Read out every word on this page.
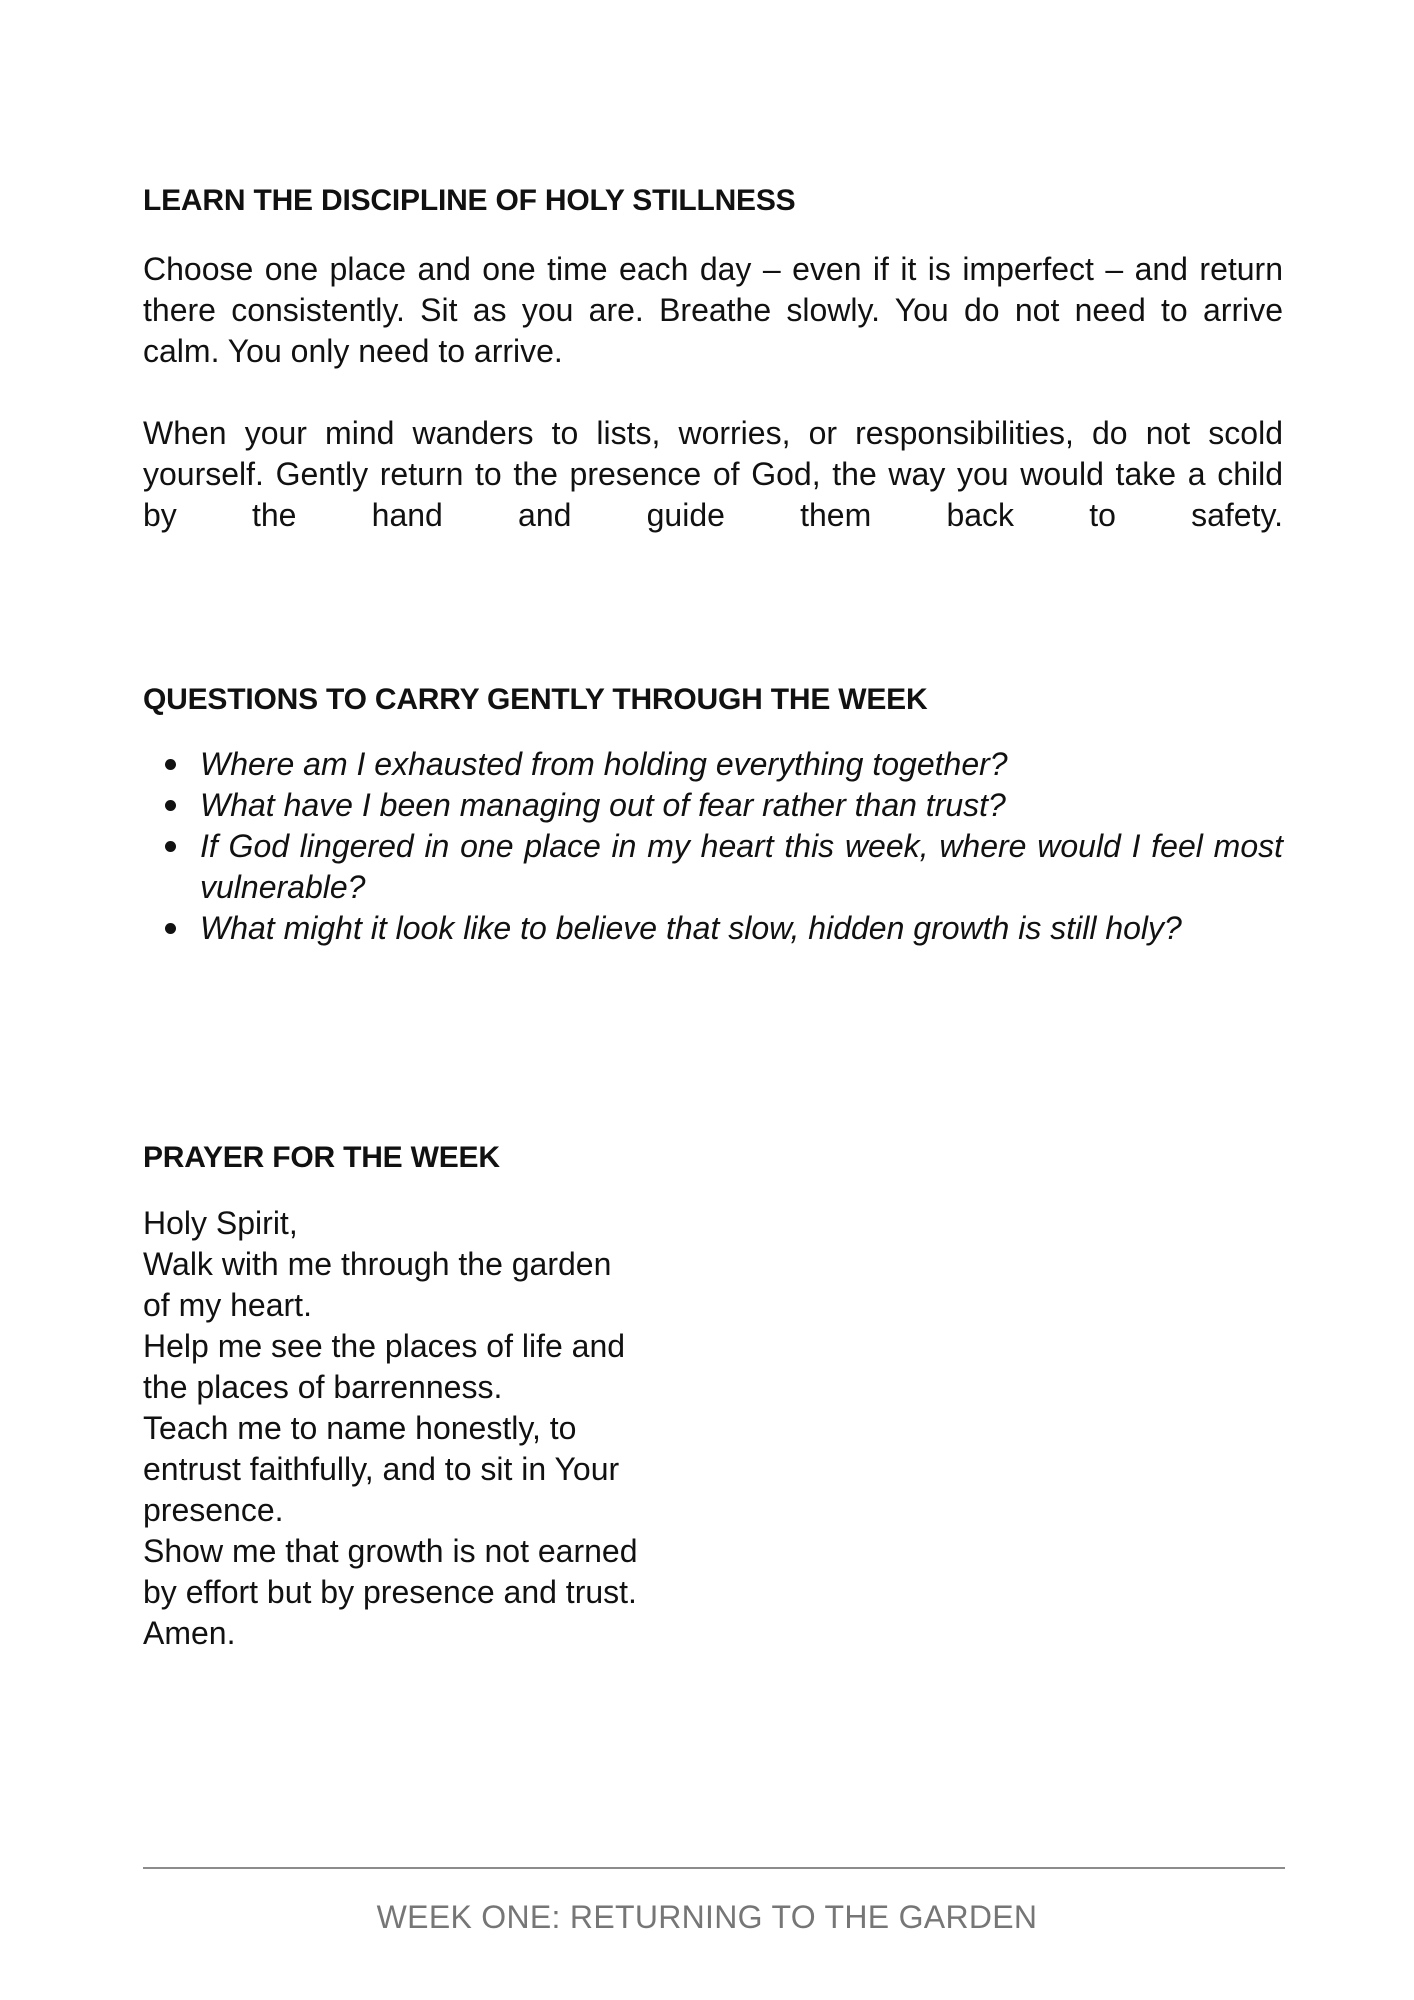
LEARN THE DISCIPLINE OF HOLY STILLNESS

Choose one place and one time each day – even if it is imperfect – and return there consistently. Sit as you are. Breathe slowly. You do not need to arrive calm. You only need to arrive.

When your mind wanders to lists, worries, or responsibilities, do not scold yourself. Gently return to the presence of God, the way you would take a child by the hand and guide them back to safety.

QUESTIONS TO CARRY GENTLY THROUGH THE WEEK
Where am I exhausted from holding everything together?
What have I been managing out of fear rather than trust?
If God lingered in one place in my heart this week, where would I feel most vulnerable?
What might it look like to believe that slow, hidden growth is still holy?
PRAYER FOR THE WEEK
Holy Spirit,
Walk with me through the garden
of my heart.
Help me see the places of life and
the places of barrenness.
Teach me to name honestly, to
entrust faithfully, and to sit in Your
presence.
Show me that growth is not earned
by effort but by presence and trust.
Amen.
WEEK ONE: RETURNING TO THE GARDEN
